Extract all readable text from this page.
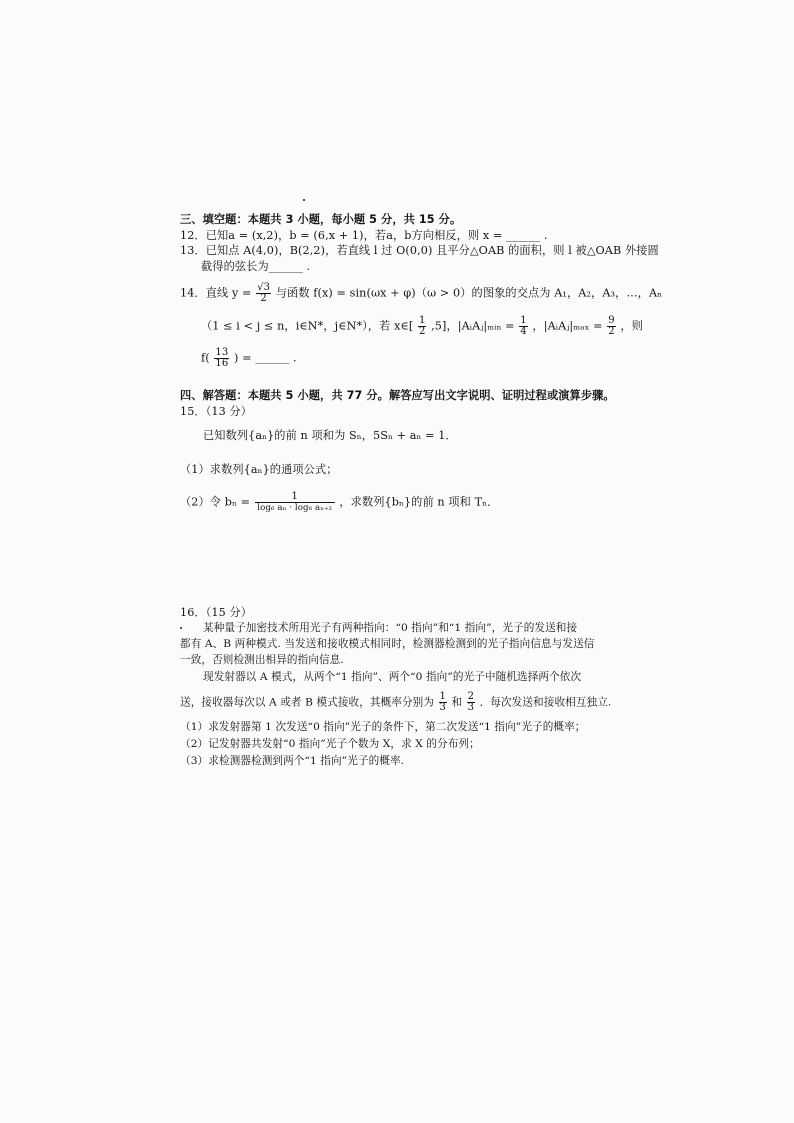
三、填空题：本题共 3 小题，每小题 5 分，共 15 分。
12．已知a = (x,2)，b = (6,x + 1)，若a，b方向相反，则 x = ______ .
13．已知点 A(4,0)，B(2,2)，若直线 l 过 O(0,0) 且平分△OAB 的面积，则 l 被△OAB 外接圆
截得的弦长为______ .
14．直线 $y = \frac{√3}{2}$ 与函数 f(x) = sin(ωx + φ)（ω > 0）的图象的交点为 A₁，A₂，A₃，…，Aₙ
（1 ≤ i < j ≤ n，i∈N*，j∈N*），若 x∈[ $\frac{1}{2} ,5$]，|AᵢAⱼ|ₘᵢₙ = $\frac{1}{4}$ ，|AᵢAⱼ|ₘₐₓ = $\frac{9}{2}$ ，则
$f( \frac{13}{16}$ ) = ______ .
四、解答题：本题共 5 小题，共 77 分。解答应写出文字说明、证明过程或演算步骤。
15．（13 分）
已知数列{aₙ}的前 n 项和为 Sₙ，5Sₙ + aₙ = 1．
（1）求数列{aₙ}的通项公式；
（2）令 $b_n = \frac{1}{\text{log₆ aₙ · log₆ aₙ₊₂}}$ ，求数列{bₙ}的前 n 项和 Tₙ．
16．（15 分）
某种量子加密技术所用光子有两种指向：“0 指向”和“1 指向”，光子的发送和接
都有 A、B 两种模式. 当发送和接收模式相同时，检测器检测到的光子指向信息与发送信
一致，否则检测出相异的指向信息.
现发射器以 A 模式，从两个“1 指向”、两个“0 指向”的光子中随机选择两个依次
送，接收器每次以 A 或者 B 模式接收，其概率分别为 $\frac{1}{3}$ 和 $\frac{2}{3}$ ．每次发送和接收相互独立.
（1）求发射器第 1 次发送“0 指向”光子的条件下，第二次发送“1 指向”光子的概率；
（2）记发射器共发射“0 指向”光子个数为 X，求 X 的分布列；
（3）求检测器检测到两个“1 指向”光子的概率.
